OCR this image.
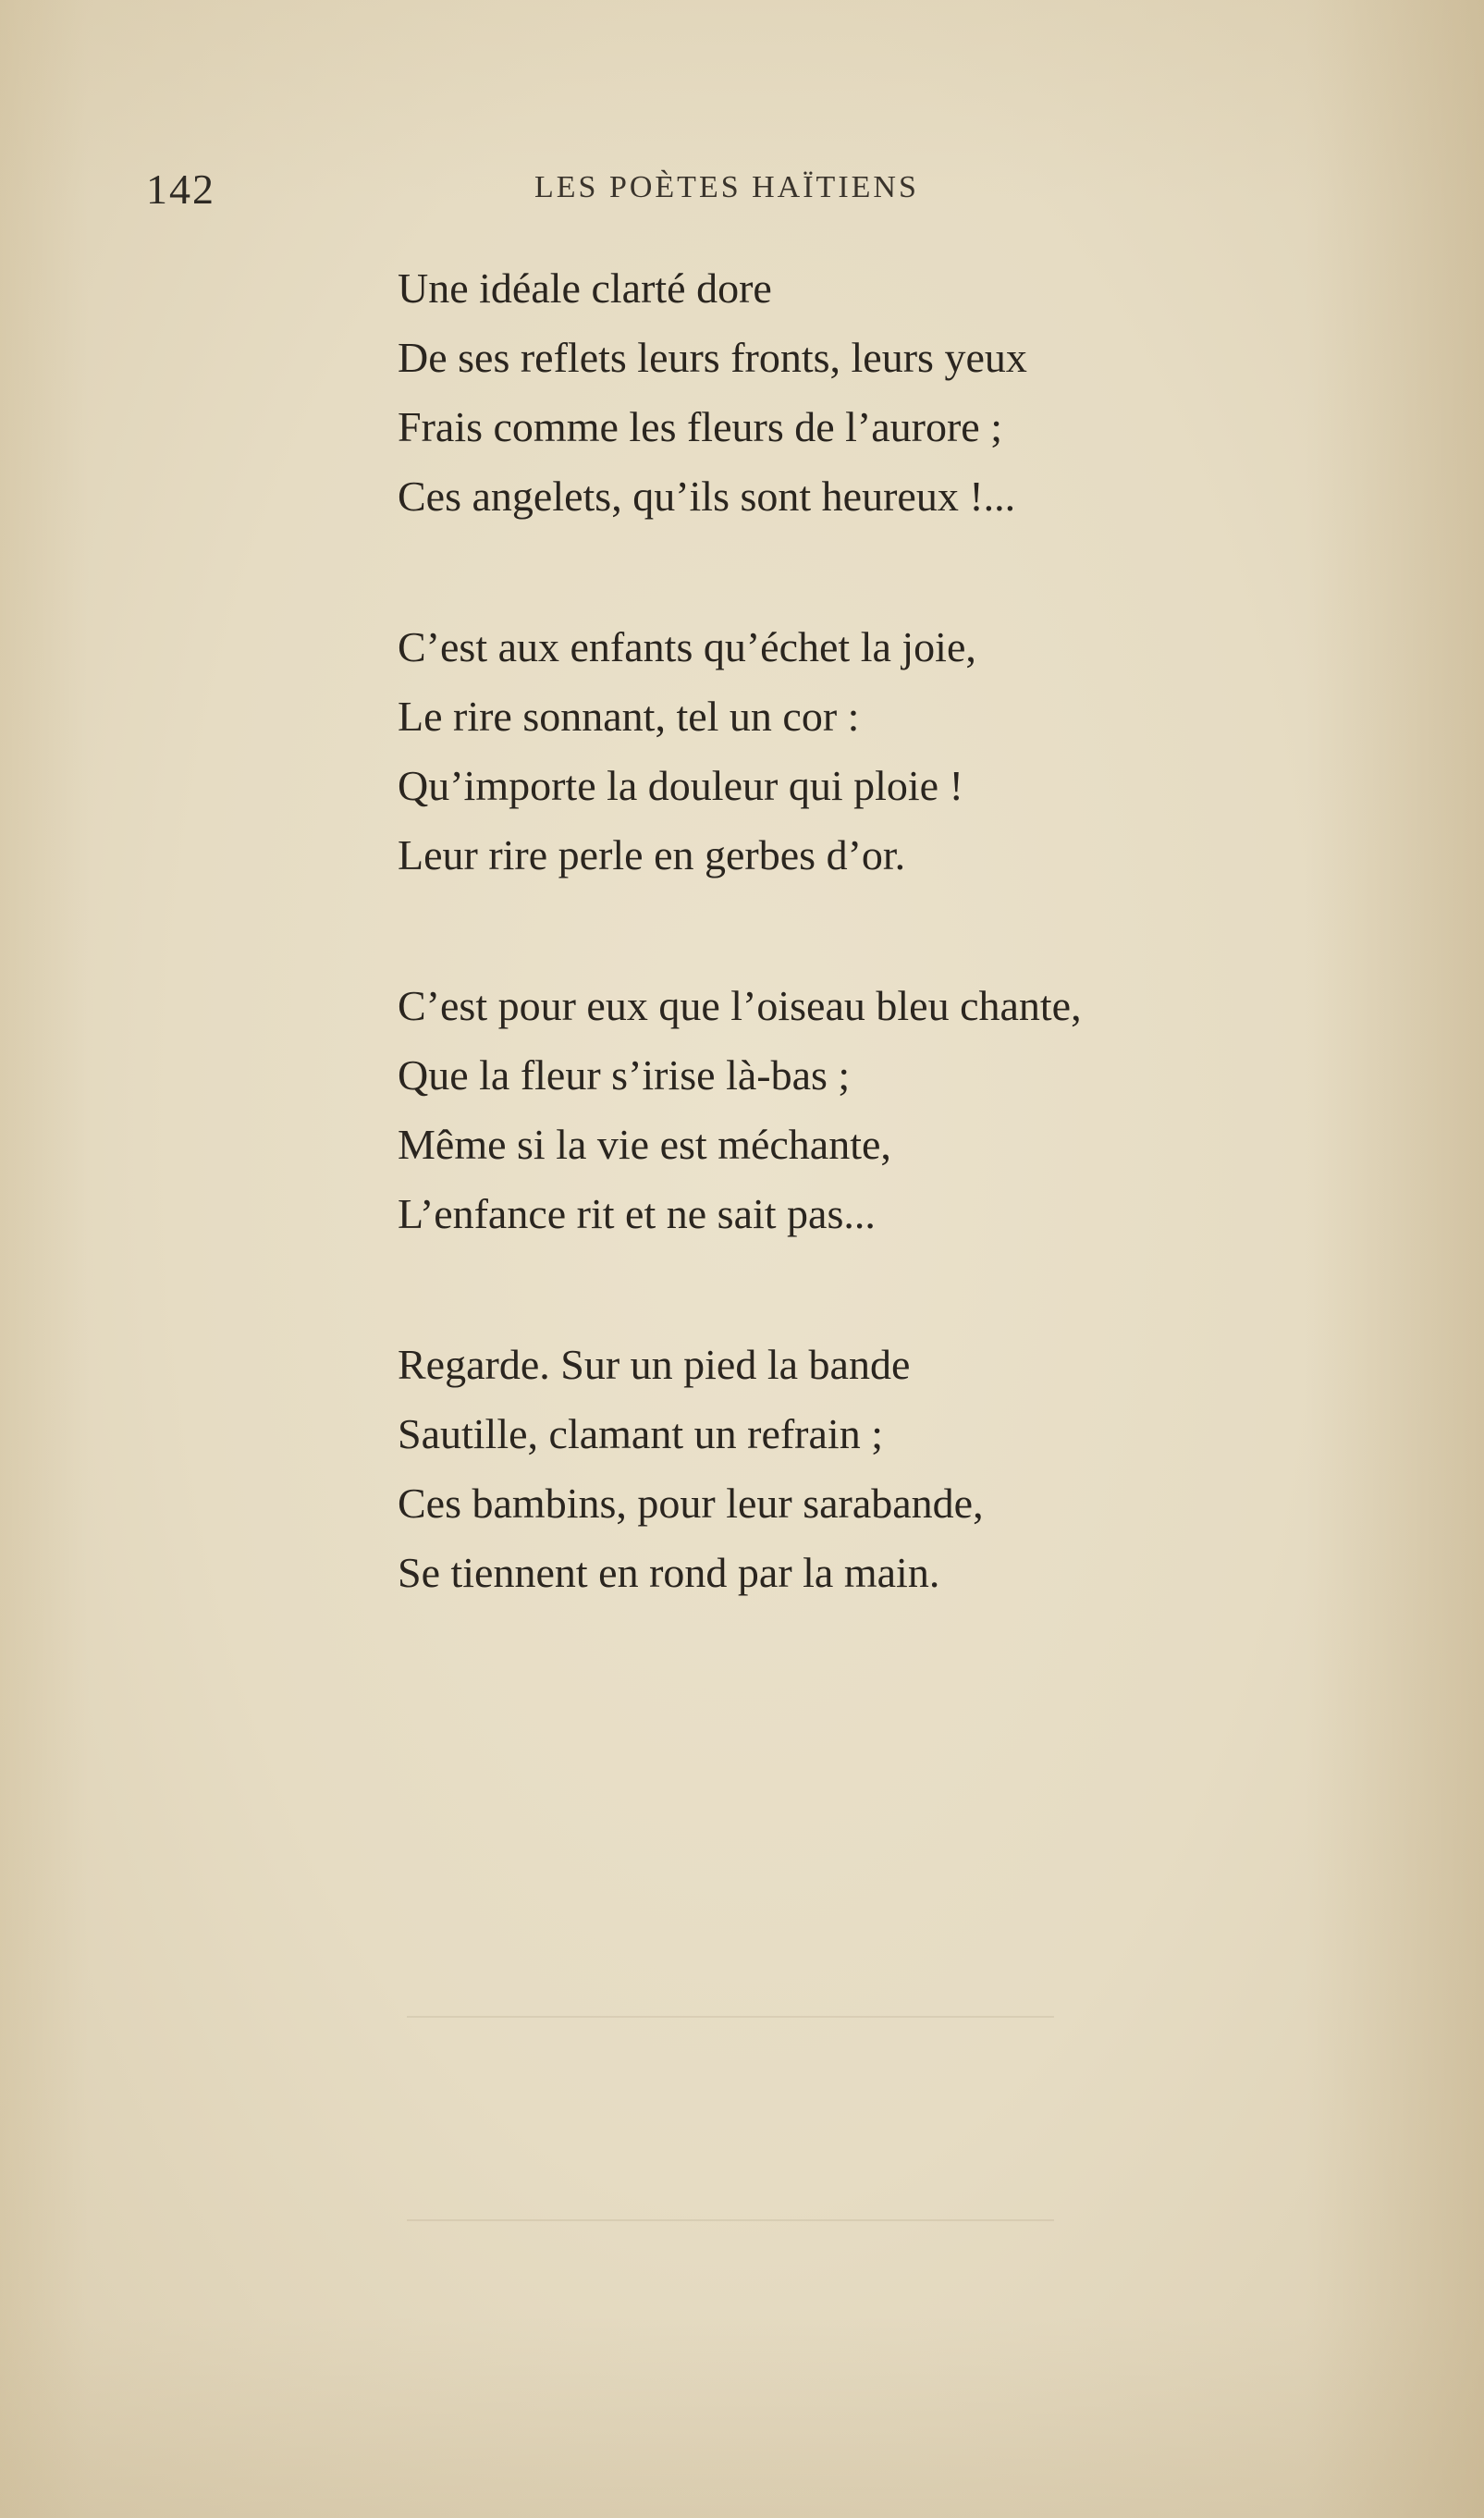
142	LES POÈTES HAÏTIENS
Une idéale clarté dore
De ses reflets leurs fronts, leurs yeux
Frais comme les fleurs de l’aurore ;
Ces angelets, qu’ils sont heureux !...
C’est aux enfants qu’échet la joie,
Le rire sonnant, tel un cor :
Qu’importe la douleur qui ploie !
Leur rire perle en gerbes d’or.
C’est pour eux que l’oiseau bleu chante,
Que la fleur s’irise là-bas ;
Même si la vie est méchante,
L’enfance rit et ne sait pas...
Regarde. Sur un pied la bande
Sautille, clamant un refrain ;
Ces bambins, pour leur sarabande,
Se tiennent en rond par la main.
